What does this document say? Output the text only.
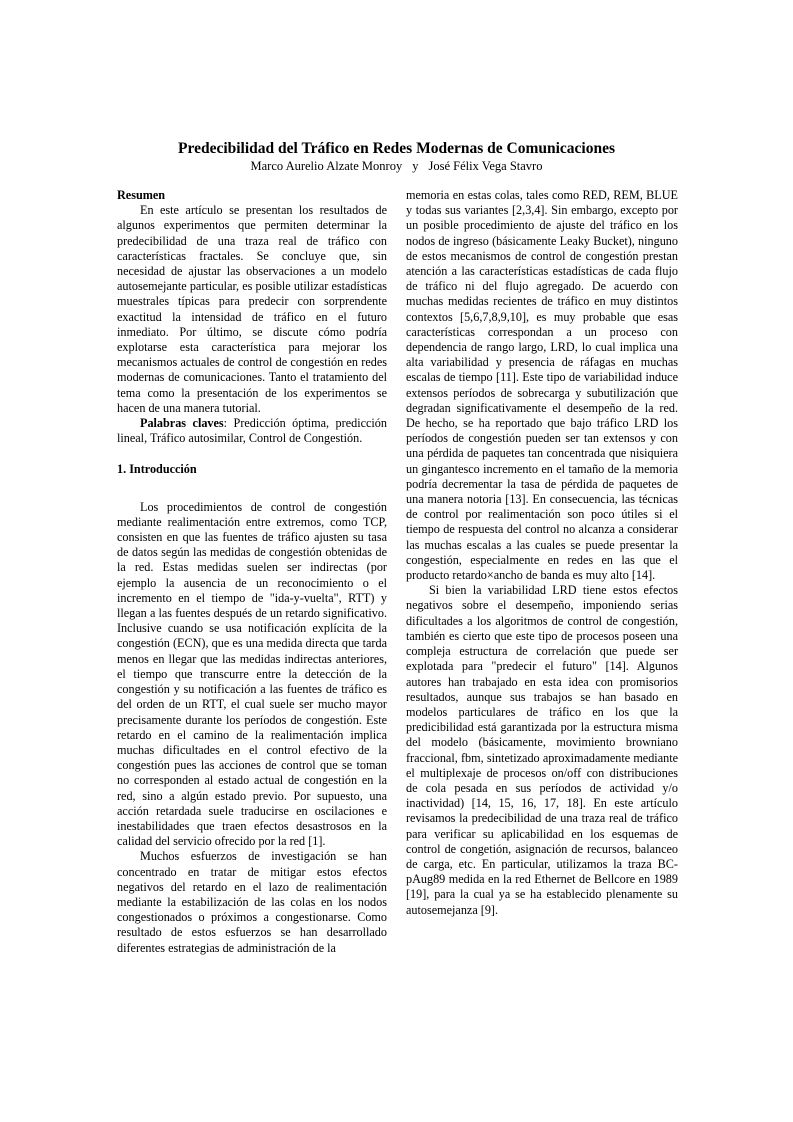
Predecibilidad del Tráfico en Redes Modernas de Comunicaciones
Marco Aurelio Alzate Monroy y José Félix Vega Stavro

Resumen

En este artículo se presentan los resultados de algunos experimentos que permiten determinar la predecibilidad de una traza real de tráfico con características fractales. Se concluye que, sin necesidad de ajustar las observaciones a un modelo autosemejante particular, es posible utilizar estadísticas muestrales típicas para predecir con sorprendente exactitud la intensidad de tráfico en el futuro inmediato. Por último, se discute cómo podría explotarse esta característica para mejorar los mecanismos actuales de control de congestión en redes modernas de comunicaciones. Tanto el tratamiento del tema como la presentación de los experimentos se hacen de una manera tutorial.

Palabras claves: Predicción óptima, predicción lineal, Tráfico autosimilar, Control de Congestión.

1. Introducción

Los procedimientos de control de congestión mediante realimentación entre extremos, como TCP, consisten en que las fuentes de tráfico ajusten su tasa de datos según las medidas de congestión obtenidas de la red. Estas medidas suelen ser indirectas (por ejemplo la ausencia de un reconocimiento o el incremento en el tiempo de "ida-y-vuelta", RTT) y llegan a las fuentes después de un retardo significativo. Inclusive cuando se usa notificación explícita de la congestión (ECN), que es una medida directa que tarda menos en llegar que las medidas indirectas anteriores, el tiempo que transcurre entre la detección de la congestión y su notificación a las fuentes de tráfico es del orden de un RTT, el cual suele ser mucho mayor precisamente durante los períodos de congestión. Este retardo en el camino de la realimentación implica muchas dificultades en el control efectivo de la congestión pues las acciones de control que se toman no corresponden al estado actual de congestión en la red, sino a algún estado previo. Por supuesto, una acción retardada suele traducirse en oscilaciones e inestabilidades que traen efectos desastrosos en la calidad del servicio ofrecido por la red [1].

Muchos esfuerzos de investigación se han concentrado en tratar de mitigar estos efectos negativos del retardo en el lazo de realimentación mediante la estabilización de las colas en los nodos congestionados o próximos a congestionarse. Como resultado de estos esfuerzos se han desarrollado diferentes estrategias de administración de la

memoria en estas colas, tales como RED, REM, BLUE y todas sus variantes [2,3,4]. Sin embargo, excepto por un posible procedimiento de ajuste del tráfico en los nodos de ingreso (básicamente Leaky Bucket), ninguno de estos mecanismos de control de congestión prestan atención a las características estadísticas de cada flujo de tráfico ni del flujo agregado. De acuerdo con muchas medidas recientes de tráfico en muy distintos contextos [5,6,7,8,9,10], es muy probable que esas características correspondan a un proceso con dependencia de rango largo, LRD, lo cual implica una alta variabilidad y presencia de ráfagas en muchas escalas de tiempo [11]. Este tipo de variabilidad induce extensos períodos de sobrecarga y subutilización que degradan significativamente el desempeño de la red. De hecho, se ha reportado que bajo tráfico LRD los períodos de congestión pueden ser tan extensos y con una pérdida de paquetes tan concentrada que nisiquiera un gingantesco incremento en el tamaño de la memoria podría decrementar la tasa de pérdida de paquetes de una manera notoria [13]. En consecuencia, las técnicas de control por realimentación son poco útiles si el tiempo de respuesta del control no alcanza a considerar las muchas escalas a las cuales se puede presentar la congestión, especialmente en redes en las que el producto retardo×ancho de banda es muy alto [14].

Si bien la variabilidad LRD tiene estos efectos negativos sobre el desempeño, imponiendo serias dificultades a los algoritmos de control de congestión, también es cierto que este tipo de procesos poseen una compleja estructura de correlación que puede ser explotada para "predecir el futuro" [14]. Algunos autores han trabajado en esta idea con promisorios resultados, aunque sus trabajos se han basado en modelos particulares de tráfico en los que la predicibilidad está garantizada por la estructura misma del modelo (básicamente, movimiento browniano fraccional, fbm, sintetizado aproximadamente mediante el multiplexaje de procesos on/off con distribuciones de cola pesada en sus períodos de actividad y/o inactividad) [14, 15, 16, 17, 18]. En este artículo revisamos la predecibilidad de una traza real de tráfico para verificar su aplicabilidad en los esquemas de control de congetión, asignación de recursos, balanceo de carga, etc. En particular, utilizamos la traza BC-pAug89 medida en la red Ethernet de Bellcore en 1989 [19], para la cual ya se ha establecido plenamente su autosemejanza [9].
